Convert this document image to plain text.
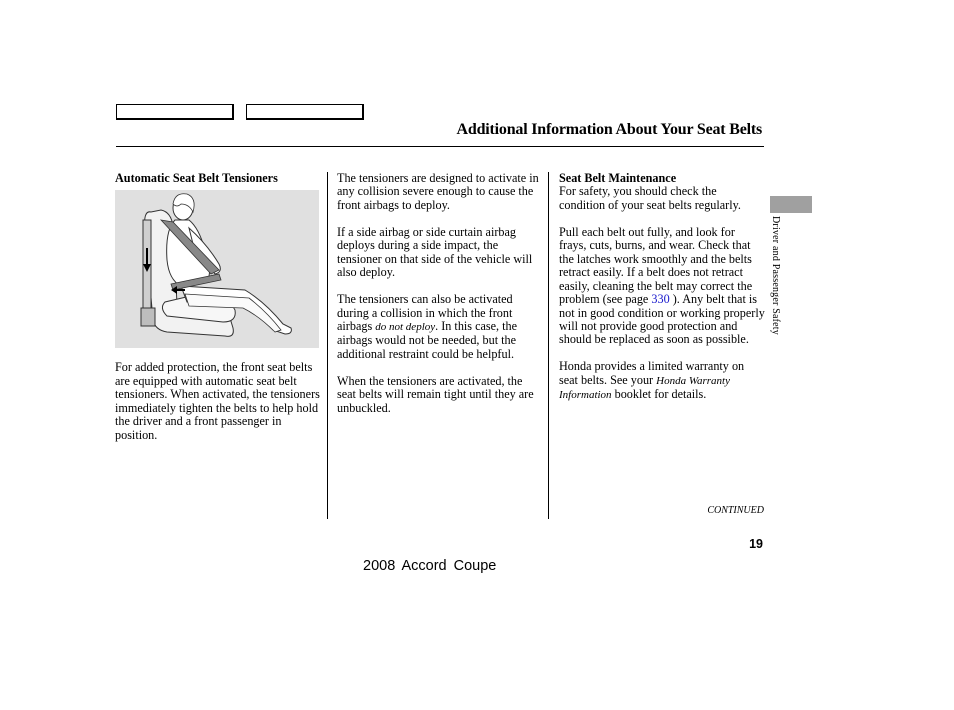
Additional Information About Your Seat Belts
Automatic Seat Belt Tensioners

For added protection, the front seat belts are equipped with automatic seat belt tensioners. When activated, the tensioners immediately tighten the belts to help hold the driver and a front passenger in position.

The tensioners are designed to activate in any collision severe enough to cause the front airbags to deploy.

If a side airbag or side curtain airbag deploys during a side impact, the tensioner on that side of the vehicle will also deploy.

The tensioners can also be activated during a collision in which the front airbags do not deploy. In this case, the airbags would not be needed, but the additional restraint could be helpful.

When the tensioners are activated, the seat belts will remain tight until they are unbuckled.

Seat Belt Maintenance

For safety, you should check the condition of your seat belts regularly.

Pull each belt out fully, and look for frays, cuts, burns, and wear. Check that the latches work smoothly and the belts retract easily. If a belt does not retract easily, cleaning the belt may correct the problem (see page 330 ). Any belt that is not in good condition or working properly will not provide good protection and should be replaced as soon as possible.

Honda provides a limited warranty on seat belts. See your Honda Warranty Information booklet for details.

Driver and Passenger Safety
CONTINUED
19
2008 Accord Coupe
